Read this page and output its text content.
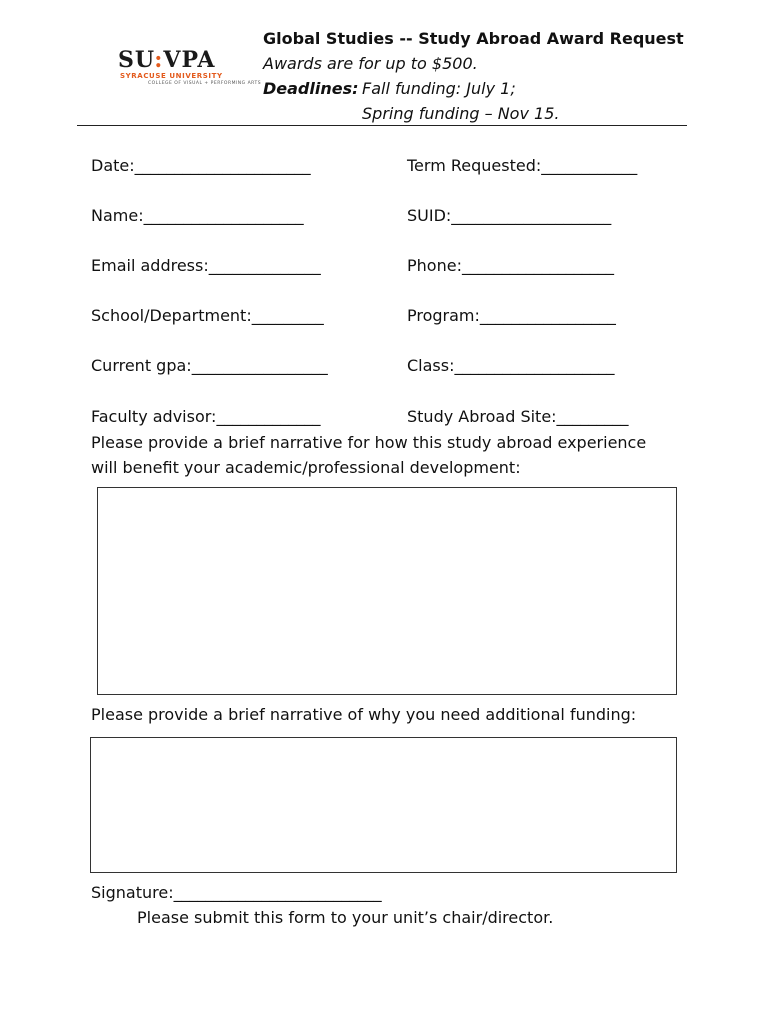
SU:VPA
SYRACUSE UNIVERSITY
COLLEGE OF VISUAL + PERFORMING ARTS
Global Studies -- Study Abroad Award Request
Awards are for up to $500.
Deadlines: Fall funding: July 1;
Spring funding – Nov 15.
Date:______________________
Name:____________________
Email address:______________
School/Department:_________
Current gpa:_________________
Faculty advisor:_____________
Term Requested:____________
SUID:____________________
Phone:___________________
Program:_________________
Class:____________________
Study Abroad Site:_________
Please provide a brief narrative for how this study abroad experience
will benefit your academic/professional development:
Please provide a brief narrative of why you need additional funding:
Signature:__________________________
Please submit this form to your unit’s chair/director.
